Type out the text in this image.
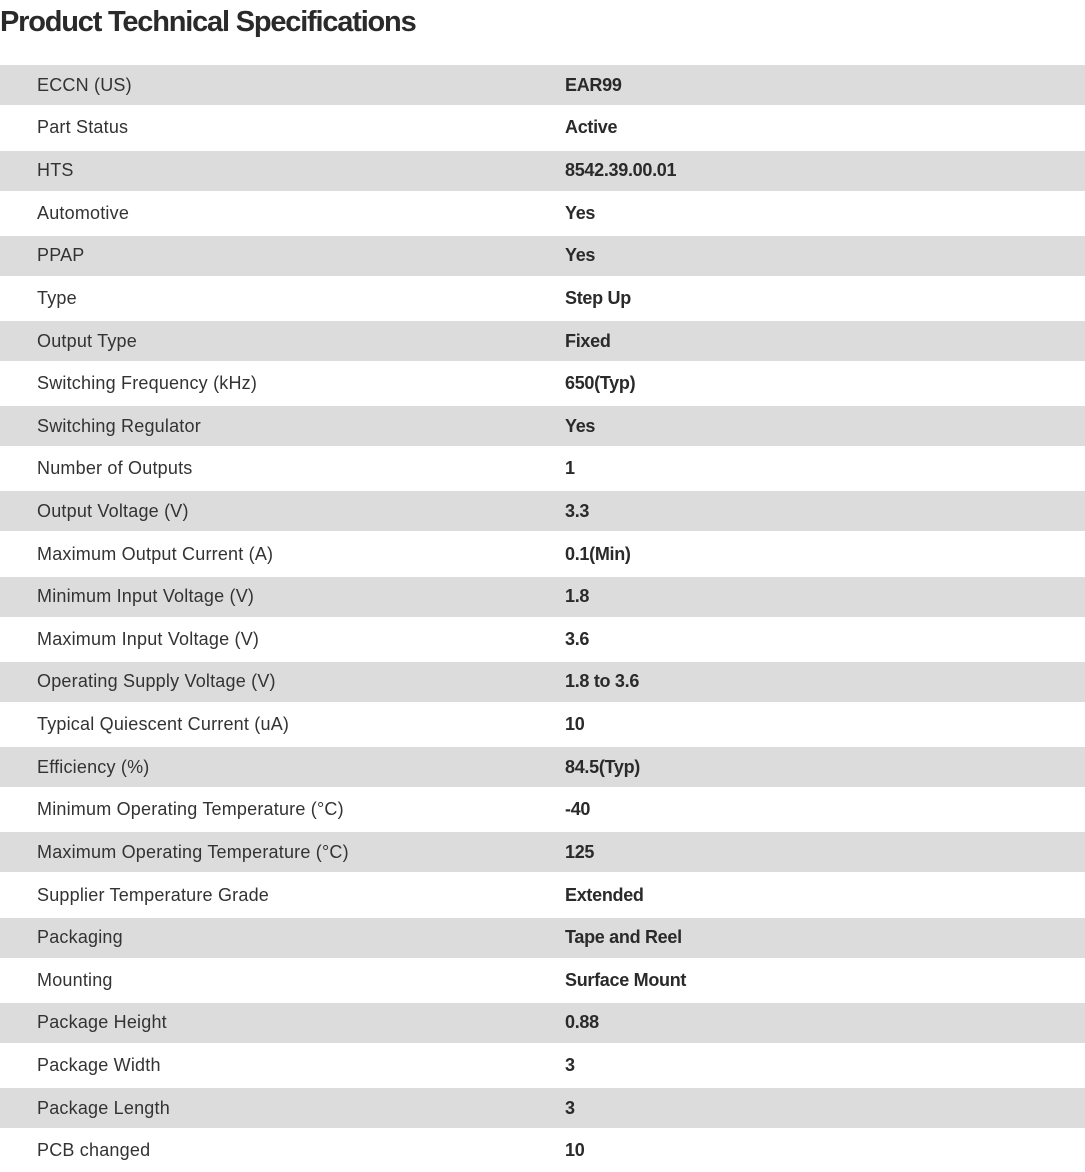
Product Technical Specifications
ECCN (US)	EAR99
Part Status	Active
HTS	8542.39.00.01
Automotive	Yes
PPAP	Yes
Type	Step Up
Output Type	Fixed
Switching Frequency (kHz)	650(Typ)
Switching Regulator	Yes
Number of Outputs	1
Output Voltage (V)	3.3
Maximum Output Current (A)	0.1(Min)
Minimum Input Voltage (V)	1.8
Maximum Input Voltage (V)	3.6
Operating Supply Voltage (V)	1.8 to 3.6
Typical Quiescent Current (uA)	10
Efficiency (%)	84.5(Typ)
Minimum Operating Temperature (°C)	-40
Maximum Operating Temperature (°C)	125
Supplier Temperature Grade	Extended
Packaging	Tape and Reel
Mounting	Surface Mount
Package Height	0.88
Package Width	3
Package Length	3
PCB changed	10
